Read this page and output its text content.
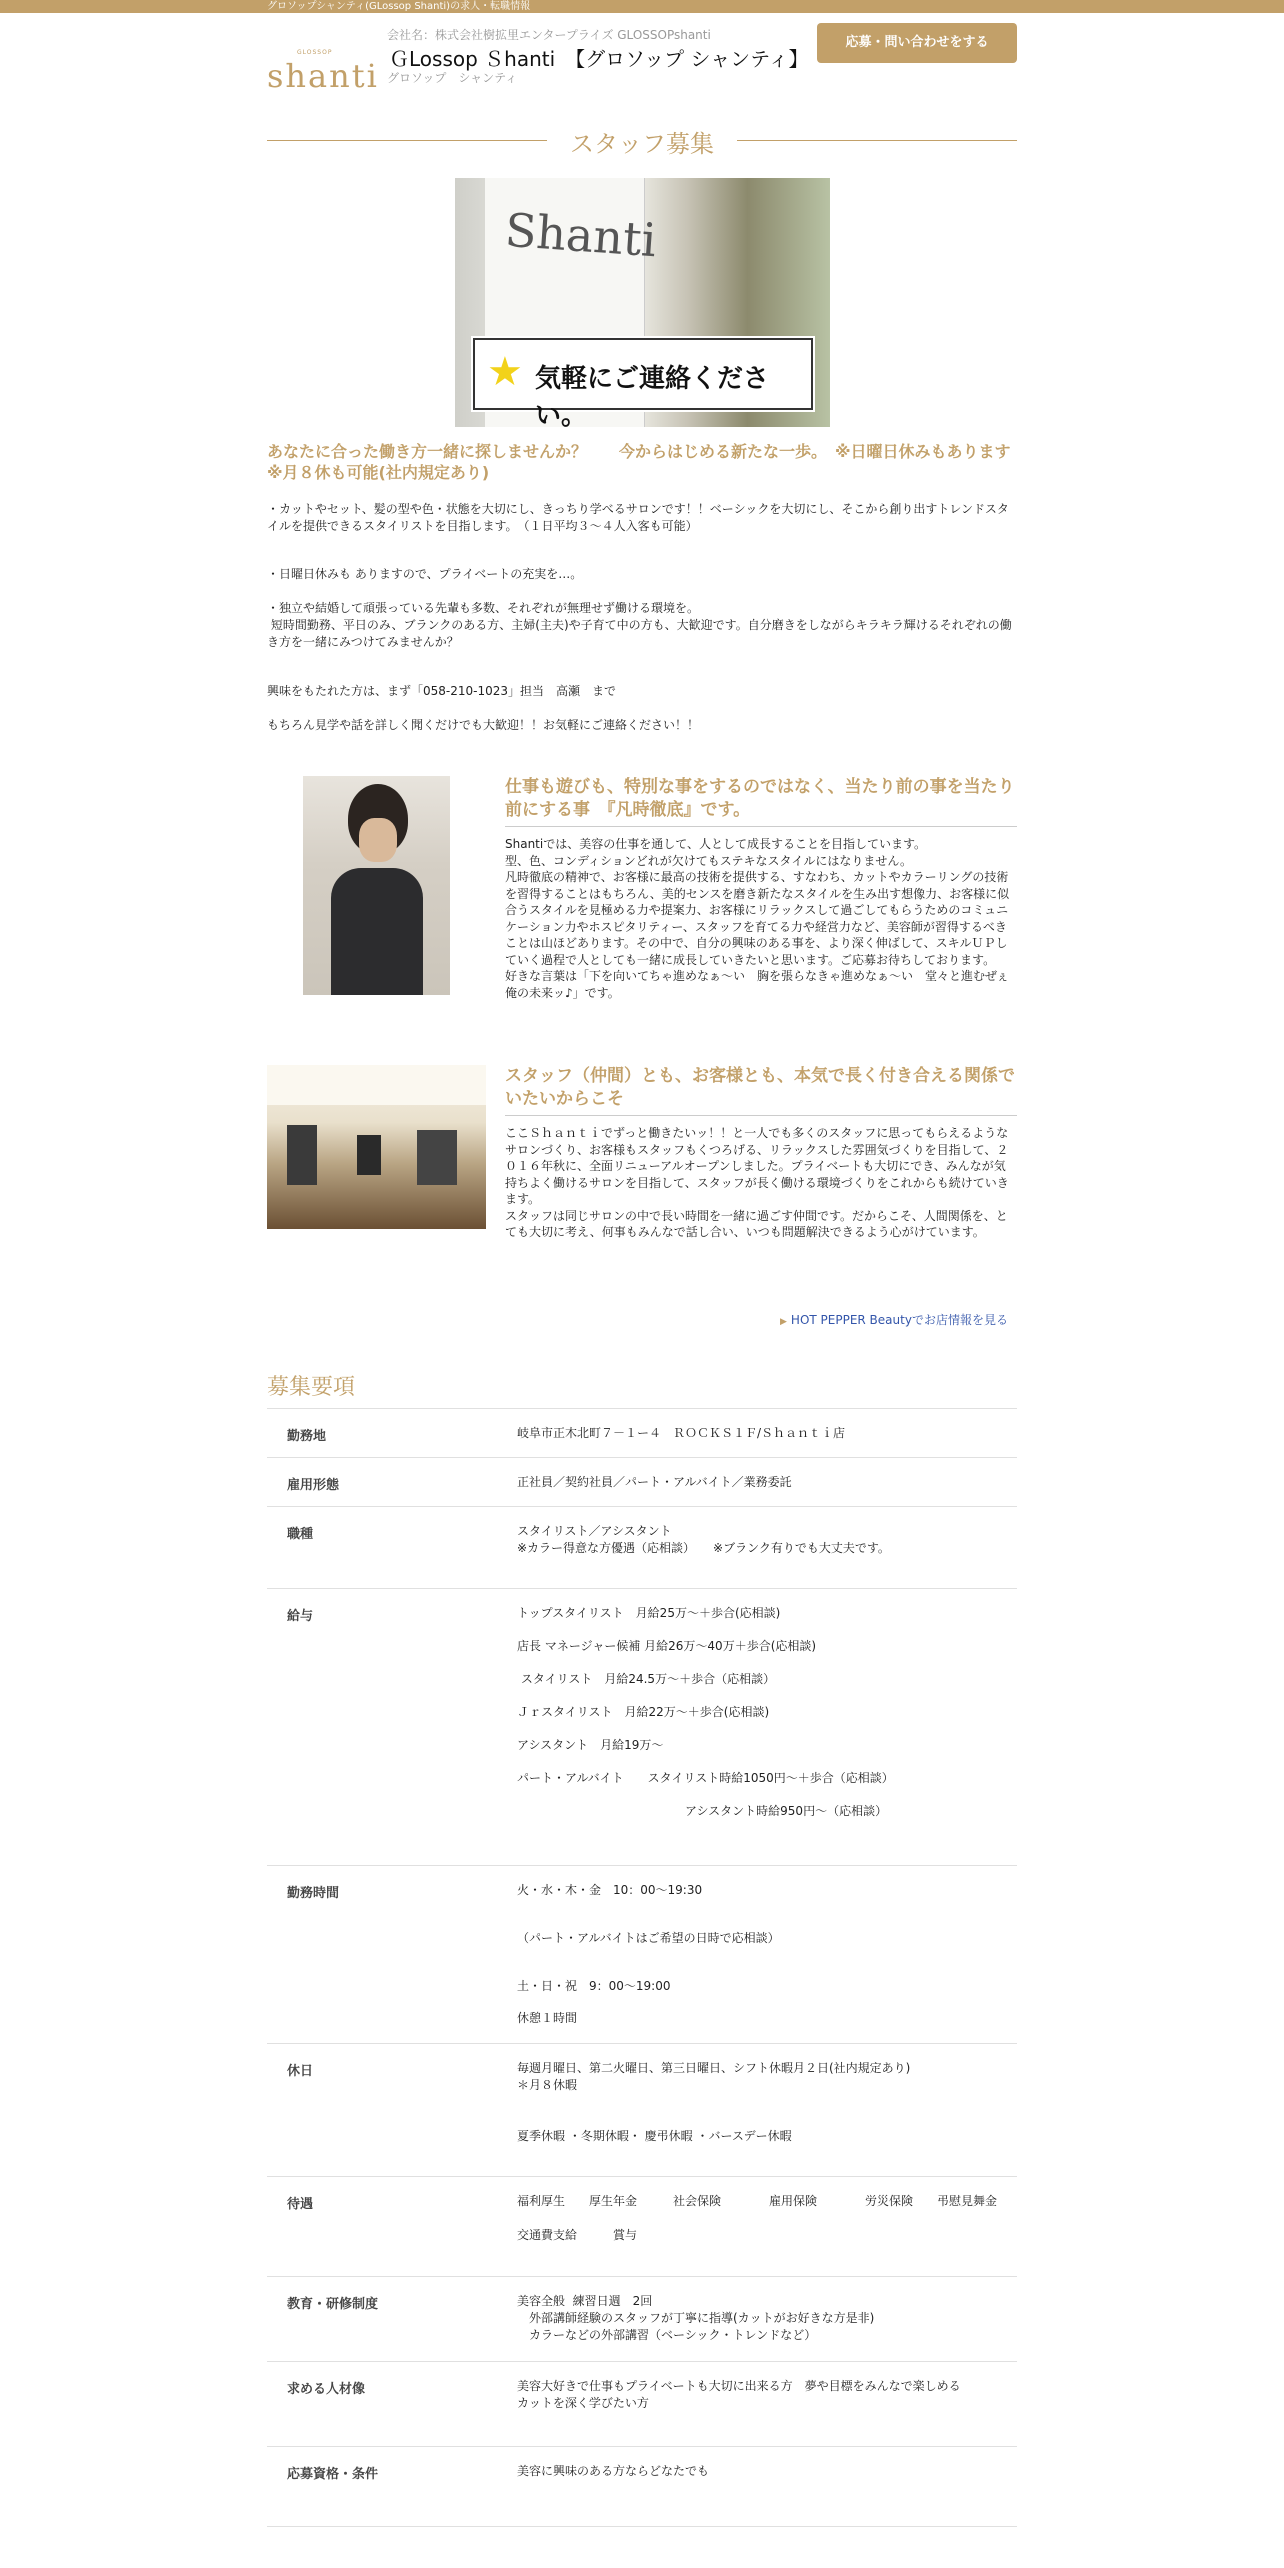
グロソップシャンティ(GLossop Shanti)の求人・転職情報
GLOSSOP
shanti
会社名：株式会社樹拡里エンタープライズ GLOSSOPshanti
ＧLossop Ｓhanti　【グロソップ シャンティ】
グロソップ　シャンティ
応募・問い合わせをする
スタッフ募集
Shanti
★ 気軽にご連絡ください。
あなたに合った働き方一緒に探しませんか？　　今からはじめる新たな一歩。　※日曜日休みもあります※月８休も可能(社内規定あり)
・カットやセット、髪の型や色・状態を大切にし、きっちり学べるサロンです！！ベーシックを大切にし、そこから創り出すトレンドスタイルを提供できるスタイリストを目指します。　（１日平均３～４人入客も可能）
・日曜日休みも ありますので、プライベートの充実を…。

・独立や結婚して頑張っている先輩も多数、それぞれが無理せず働ける環境を。
短時間勤務、平日のみ、ブランクのある方、主婦(主夫)や子育て中の方も、大歓迎です。自分磨きをしながらキラキラ輝けるそれぞれの働き方を一緒にみつけてみませんか？
興味をもたれた方は、まず「058-210-1023」担当　高瀬　まで

もちろん見学や話を詳しく聞くだけでも大歓迎！！お気軽にご連絡ください！！
仕事も遊びも、特別な事をするのではなく、当たり前の事を当たり前にする事　『凡時徹底』です。
Shantiでは、美容の仕事を通して、人として成長することを目指しています。
型、色、コンディションどれが欠けてもステキなスタイルにはなりません。
凡時徹底の精神で、お客様に最高の技術を提供する、すなわち、カットやカラーリングの技術を習得することはもちろん、美的センスを磨き新たなスタイルを生み出す想像力、お客様に似合うスタイルを見極める力や提案力、お客様にリラックスして過ごしてもらうためのコミュニケーション力やホスピタリティー、スタッフを育てる力や経営力など、美容師が習得するべきことは山ほどあります。その中で、自分の興味のある事を、より深く伸ばして、スキルＵＰしていく過程で人としても一緒に成長していきたいと思います。ご応募お待ちしております。
好きな言葉は「下を向いてちゃ進めなぁ～い　胸を張らなきゃ進めなぁ～い　堂々と進むぜぇ俺の未来ッ♪」です。
スタッフ（仲間）とも、お客様とも、本気で長く付き合える関係でいたいからこそ
ここＳｈａｎｔｉでずっと働きたいッ！！と一人でも多くのスタッフに思ってもらえるようなサロンづくり、お客様もスタッフもくつろげる、リラックスした雰囲気づくりを目指して、２０１６年秋に、全面リニューアルオープンしました。プライベートも大切にでき、みんなが気持ちよく働けるサロンを目指して、スタッフが長く働ける環境づくりをこれからも続けていきます。
スタッフは同じサロンの中で長い時間を一緒に過ごす仲間です。だからこそ、人間関係を、とても大切に考え、何事もみんなで話し合い、いつも問題解決できるよう心がけています。
▶ HOT PEPPER Beautyでお店情報を見る
募集要項
勤務地	岐阜市正木北町７－１ー４　ＲＯＣＫＳ１Ｆ/Ｓｈａｎｔｉ店
雇用形態	正社員／契約社員／パート・アルバイト／業務委託
職種	スタイリスト／アシスタント
※カラー得意な方優遇（応相談）　　※ブランク有りでも大丈夫です。
給与	トップスタイリスト　月給25万～＋歩合(応相談)

店長 マネージャー候補 月給26万～40万＋歩合(応相談)

スタイリスト　月給24.5万～＋歩合（応相談）

Ｊｒスタイリスト　月給22万～＋歩合(応相談)

アシスタント　月給19万～

パート・アルバイト　　スタイリスト時給1050円～＋歩合（応相談）

　　　　　　　　　　　　　　アシスタント時給950円～（応相談）
勤務時間	火・水・木・金　10：00～19:30

（パート・アルバイトはご希望の日時で応相談）

土・日・祝　9：00～19:00

休憩１時間
休日	毎週月曜日、第二火曜日、第三日曜日、シフト休暇月２日(社内規定あり)
＊月８休暇

夏季休暇 ・冬期休暇・ 慶弔休暇 ・バースデー休暇
待遇	福利厚生　　厚生年金　　　社会保険　　　　雇用保険　　　　労災保険　　弔慰見舞金

交通費支給　　　賞与
教育・研修制度	美容全般  練習日週　2回
　外部講師経験のスタッフが丁寧に指導(カットがお好きな方是非)
　カラーなどの外部講習（ベーシック・トレンドなど）
求める人材像	美容大好きで仕事もプライベートも大切に出来る方　夢や目標をみんなで楽しめる
カットを深く学びたい方
応募資格・条件	美容に興味のある方ならどなたでも
